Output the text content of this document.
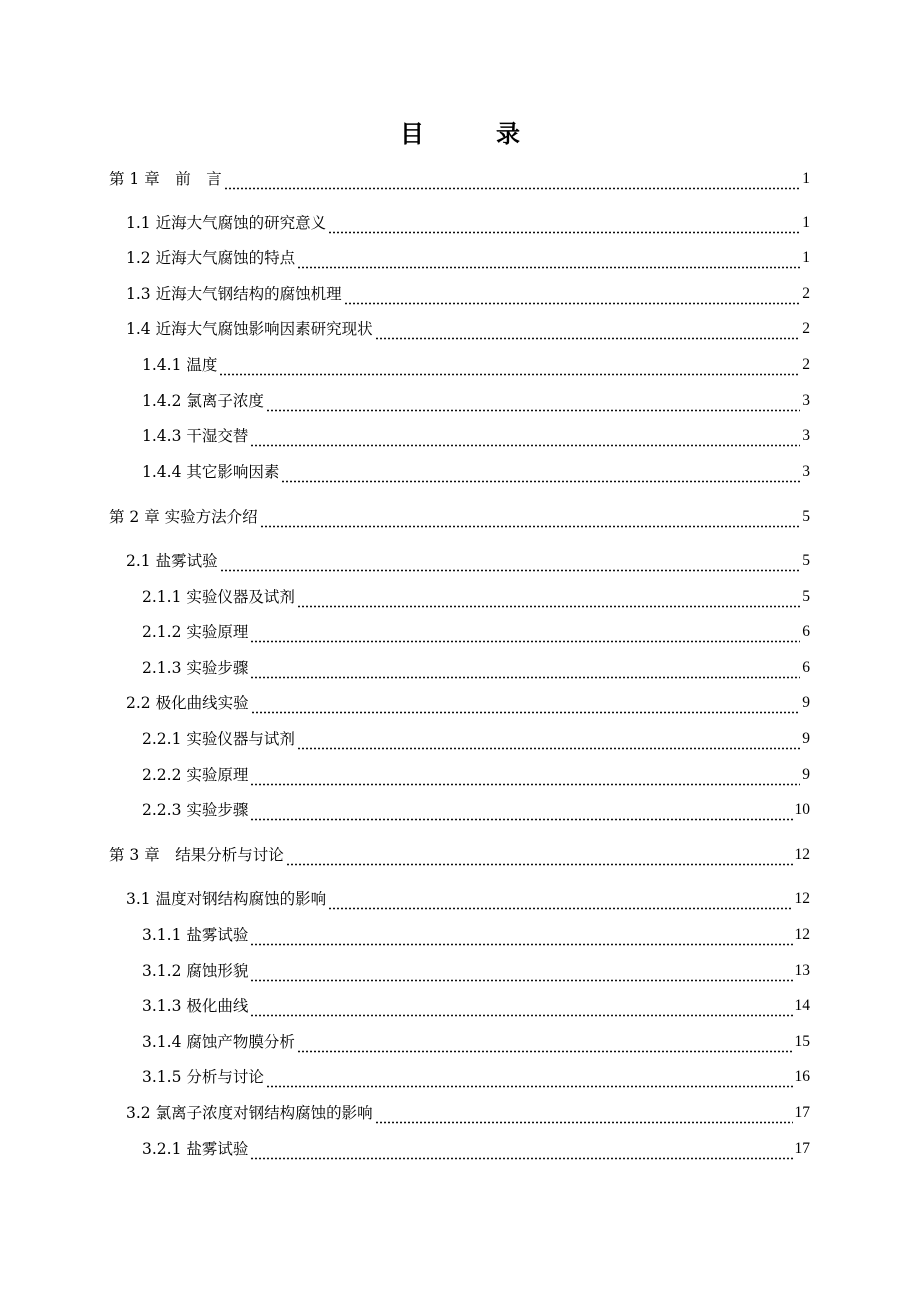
目　录
第 1 章　前　言	1
1.1 近海大气腐蚀的研究意义	1
1.2 近海大气腐蚀的特点	1
1.3 近海大气钢结构的腐蚀机理	2
1.4 近海大气腐蚀影响因素研究现状	2
1.4.1 温度	2
1.4.2 氯离子浓度	3
1.4.3 干湿交替	3
1.4.4 其它影响因素	3
第 2 章 实验方法介绍	5
2.1 盐雾试验	5
2.1.1 实验仪器及试剂	5
2.1.2 实验原理	6
2.1.3 实验步骤	6
2.2 极化曲线实验	9
2.2.1 实验仪器与试剂	9
2.2.2 实验原理	9
2.2.3 实验步骤	10
第 3 章　结果分析与讨论	12
3.1 温度对钢结构腐蚀的影响	12
3.1.1 盐雾试验	12
3.1.2 腐蚀形貌	13
3.1.3 极化曲线	14
3.1.4 腐蚀产物膜分析	15
3.1.5 分析与讨论	16
3.2 氯离子浓度对钢结构腐蚀的影响	17
3.2.1 盐雾试验	17
